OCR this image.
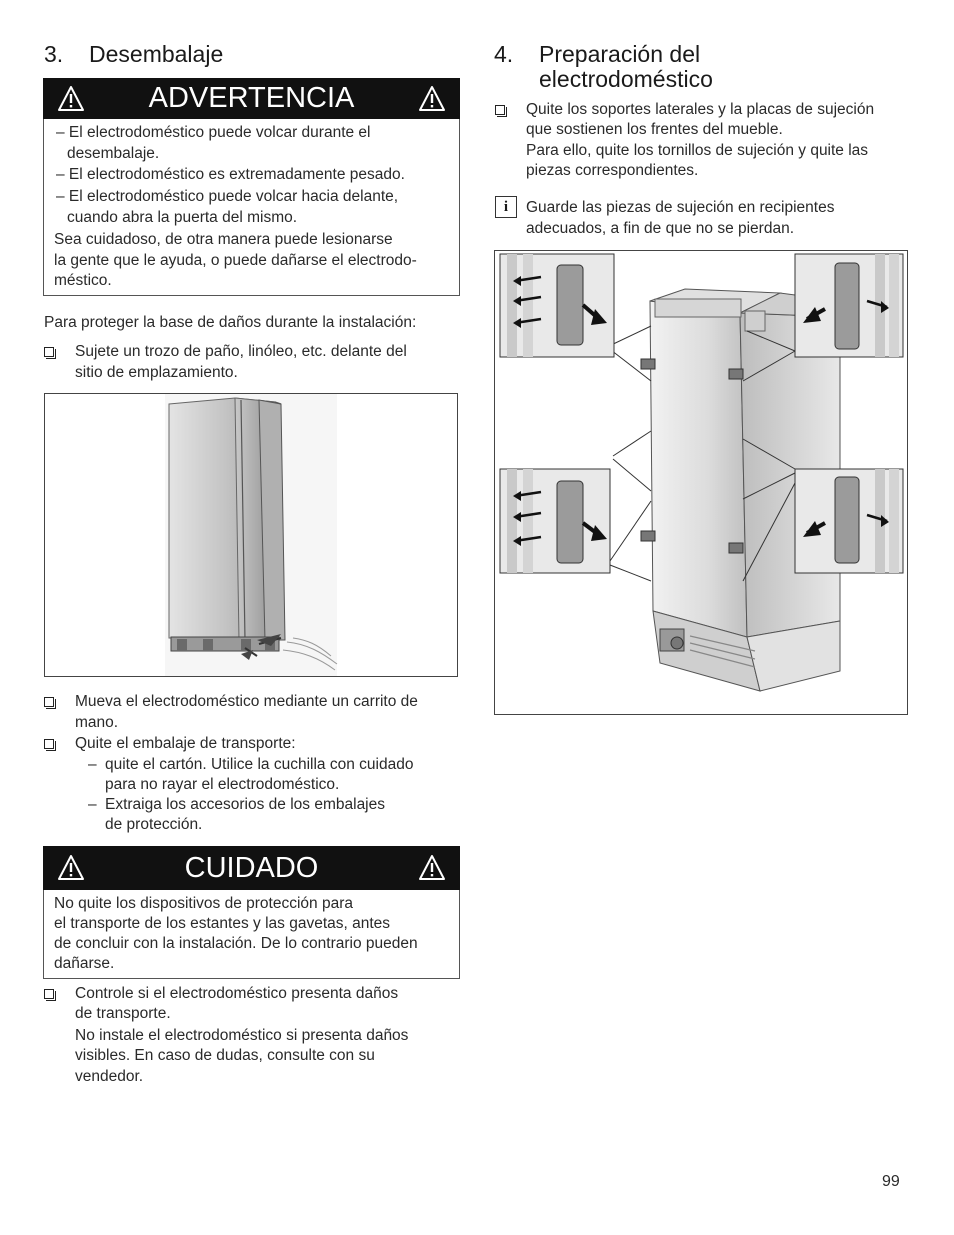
3. Desembalaje
ADVERTENCIA
– El electrodoméstico puede volcar durante el
desembalaje.
– El electrodoméstico es extremadamente pesado.
– El electrodoméstico puede volcar hacia delante,
cuando abra la puerta del mismo.
Sea cuidadoso, de otra manera puede lesionarse
la gente que le ayuda, o puede dañarse el electrodo-
méstico.
Para proteger la base de daños durante la instalación:
Sujete un trozo de paño, linóleo, etc. delante del
sitio de emplazamiento.
Mueva el electrodoméstico mediante un carrito de
mano.
Quite el embalaje de transporte:
– quite el cartón. Utilice la cuchilla con cuidado
para no rayar el electrodoméstico.
– Extraiga los accesorios de los embalajes
de protección.
CUIDADO
No quite los dispositivos de protección para
el transporte de los estantes y las gavetas, antes
de concluir con la instalación. De lo contrario pueden
dañarse.
Controle si el electrodoméstico presenta daños
de transporte.
No instale el electrodoméstico si presenta daños
visibles. En caso de dudas, consulte con su
vendedor.
4. Preparación del
electrodoméstico
Quite los soportes laterales y la placas de sujeción
que sostienen los frentes del mueble.
Para ello, quite los tornillos de sujeción y quite las
piezas correspondientes.
i	Guarde las piezas de sujeción en recipientes
adecuados, a fin de que no se pierdan.
99
